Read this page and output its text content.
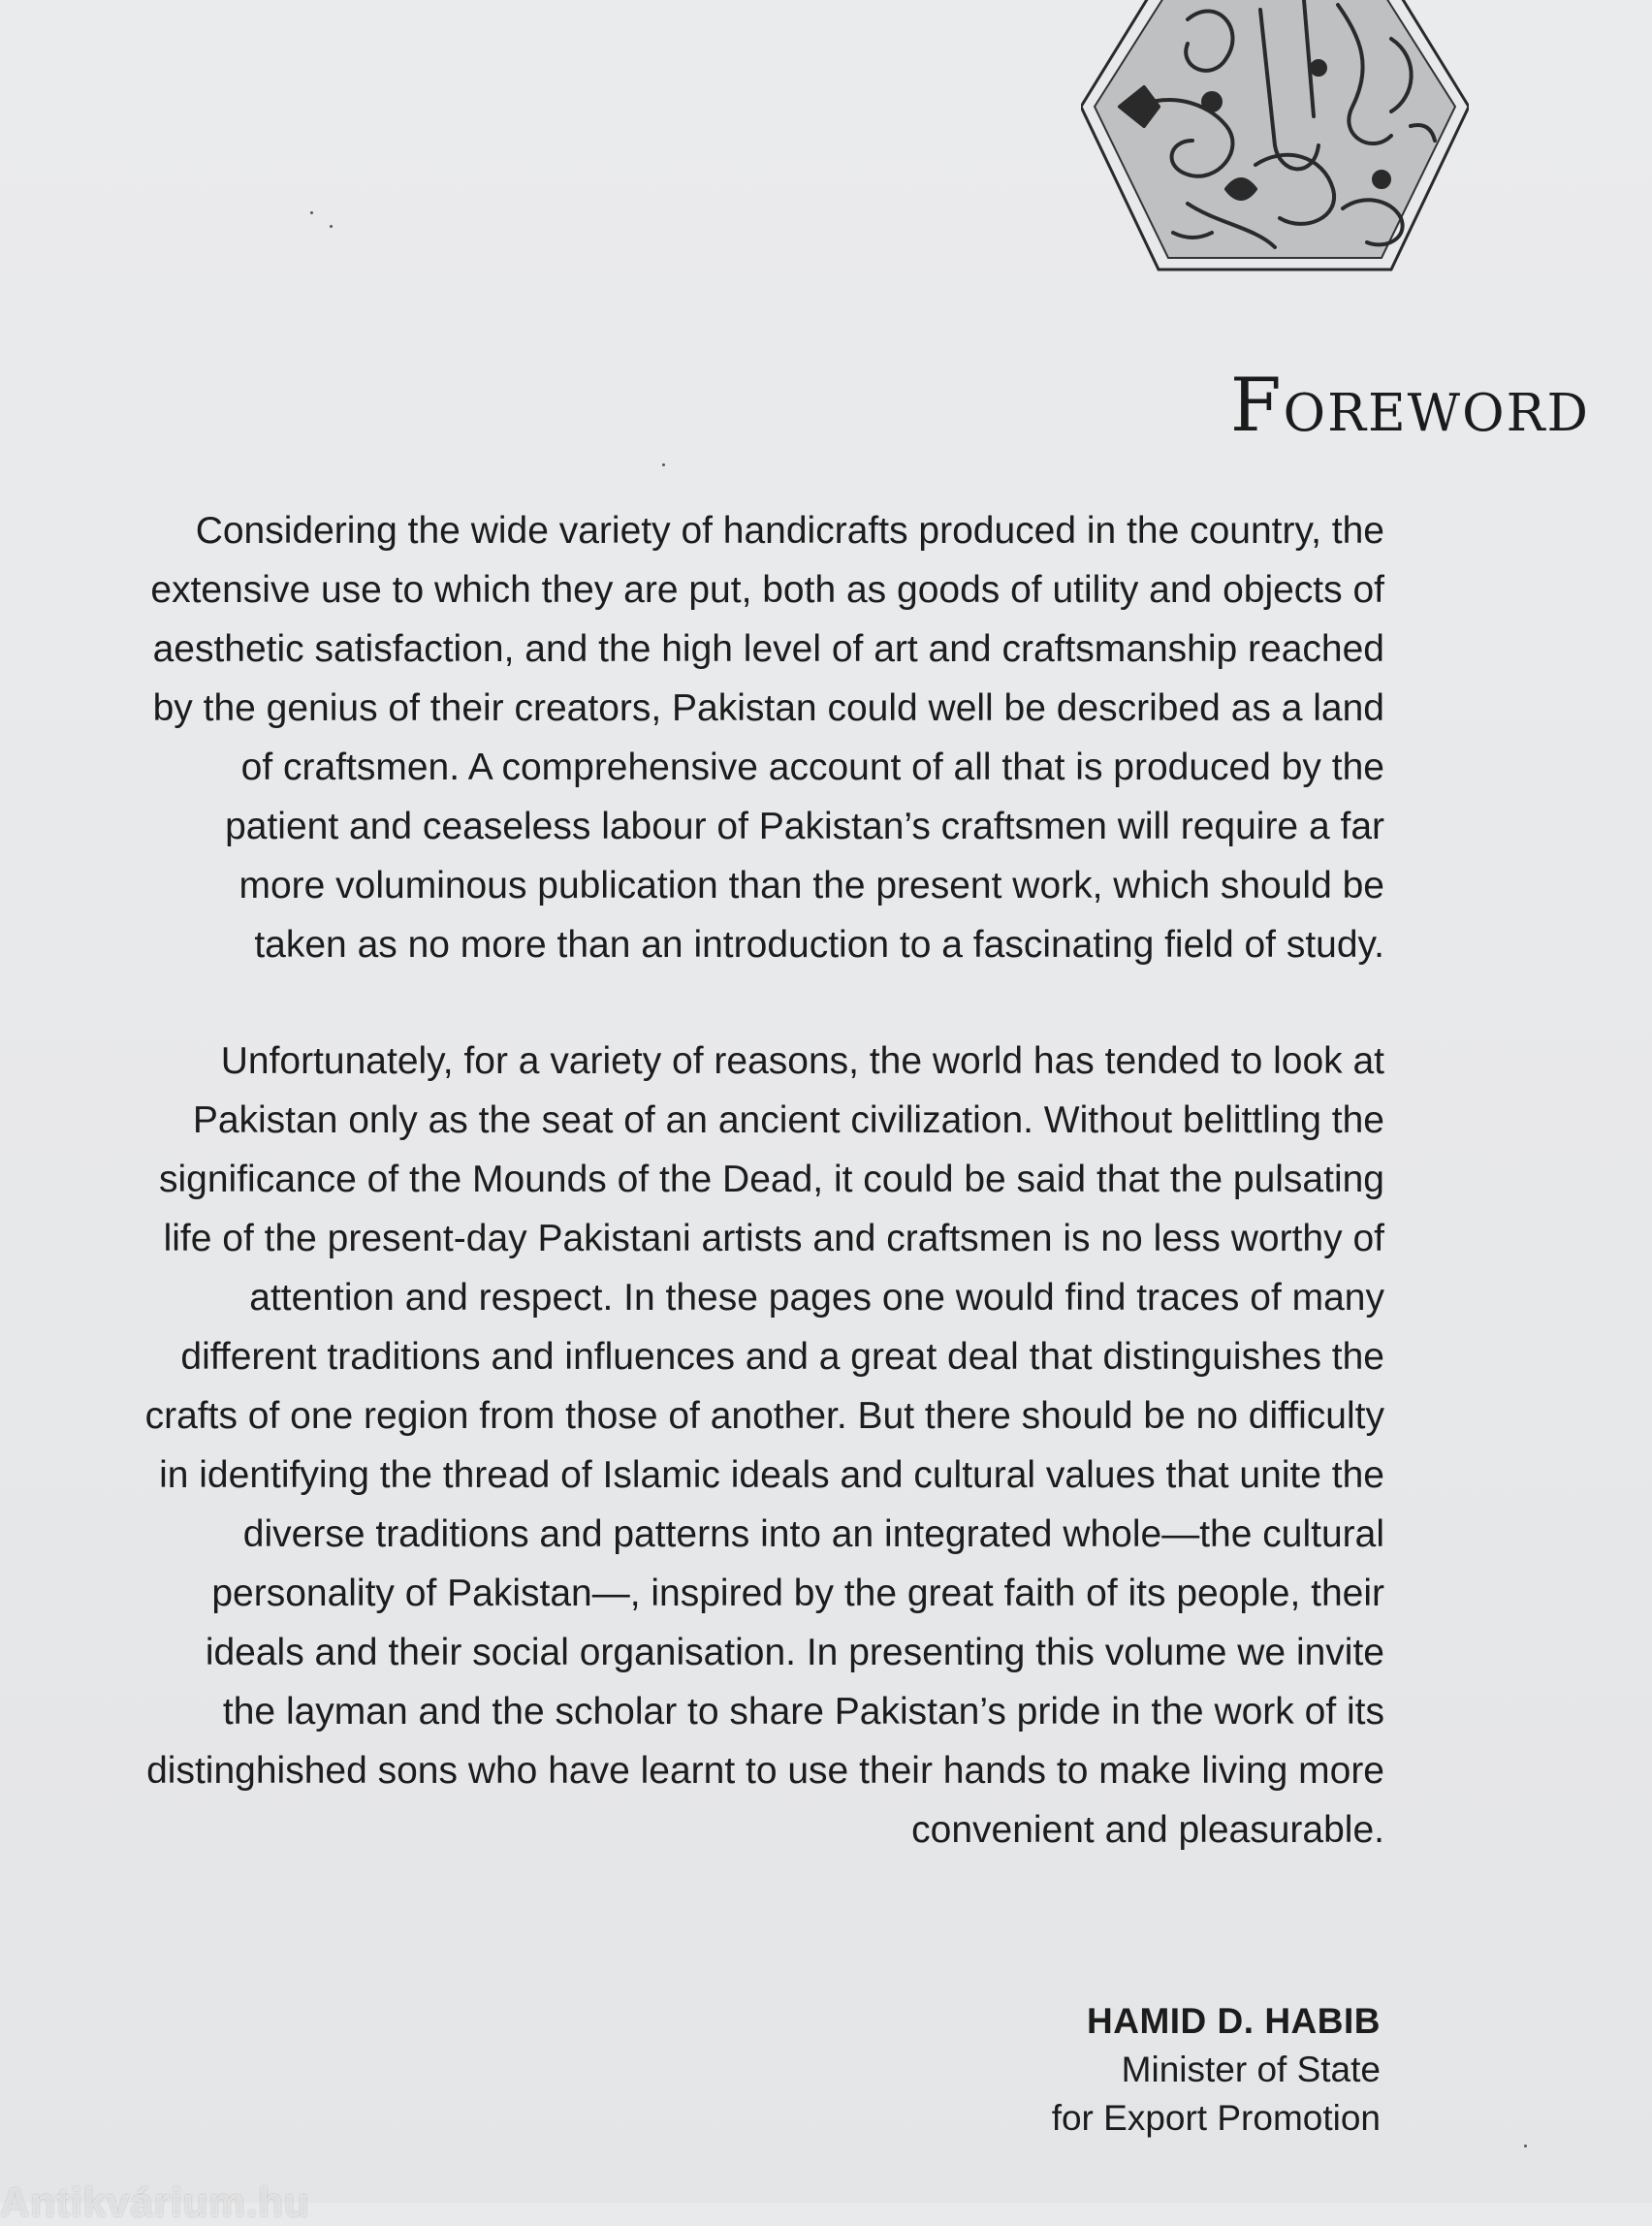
Foreword
Considering the wide variety of handicrafts produced in the country, the
extensive use to which they are put, both as goods of utility and objects of
aesthetic satisfaction, and the high level of art and craftsmanship reached
by the genius of their creators, Pakistan could well be described as a land
of craftsmen. A comprehensive account of all that is produced by the
patient and ceaseless labour of Pakistan’s craftsmen will require a far
more voluminous publication than the present work, which should be
taken as no more than an introduction to a fascinating field of study.
Unfortunately, for a variety of reasons, the world has tended to look at
Pakistan only as the seat of an ancient civilization. Without belittling the
significance of the Mounds of the Dead, it could be said that the pulsating
life of the present-day Pakistani artists and craftsmen is no less worthy of
attention and respect. In these pages one would find traces of many
different traditions and influences and a great deal that distinguishes the
crafts of one region from those of another. But there should be no difficulty
in identifying the thread of Islamic ideals and cultural values that unite the
diverse traditions and patterns into an integrated whole—the cultural
personality of Pakistan—, inspired by the great faith of its people, their
ideals and their social organisation. In presenting this volume we invite
the layman and the scholar to share Pakistan’s pride in the work of its
distinghished sons who have learnt to use their hands to make living more
convenient and pleasurable.
HAMID D. HABIB
Minister of State
for Export Promotion
Antikvárium.hu
